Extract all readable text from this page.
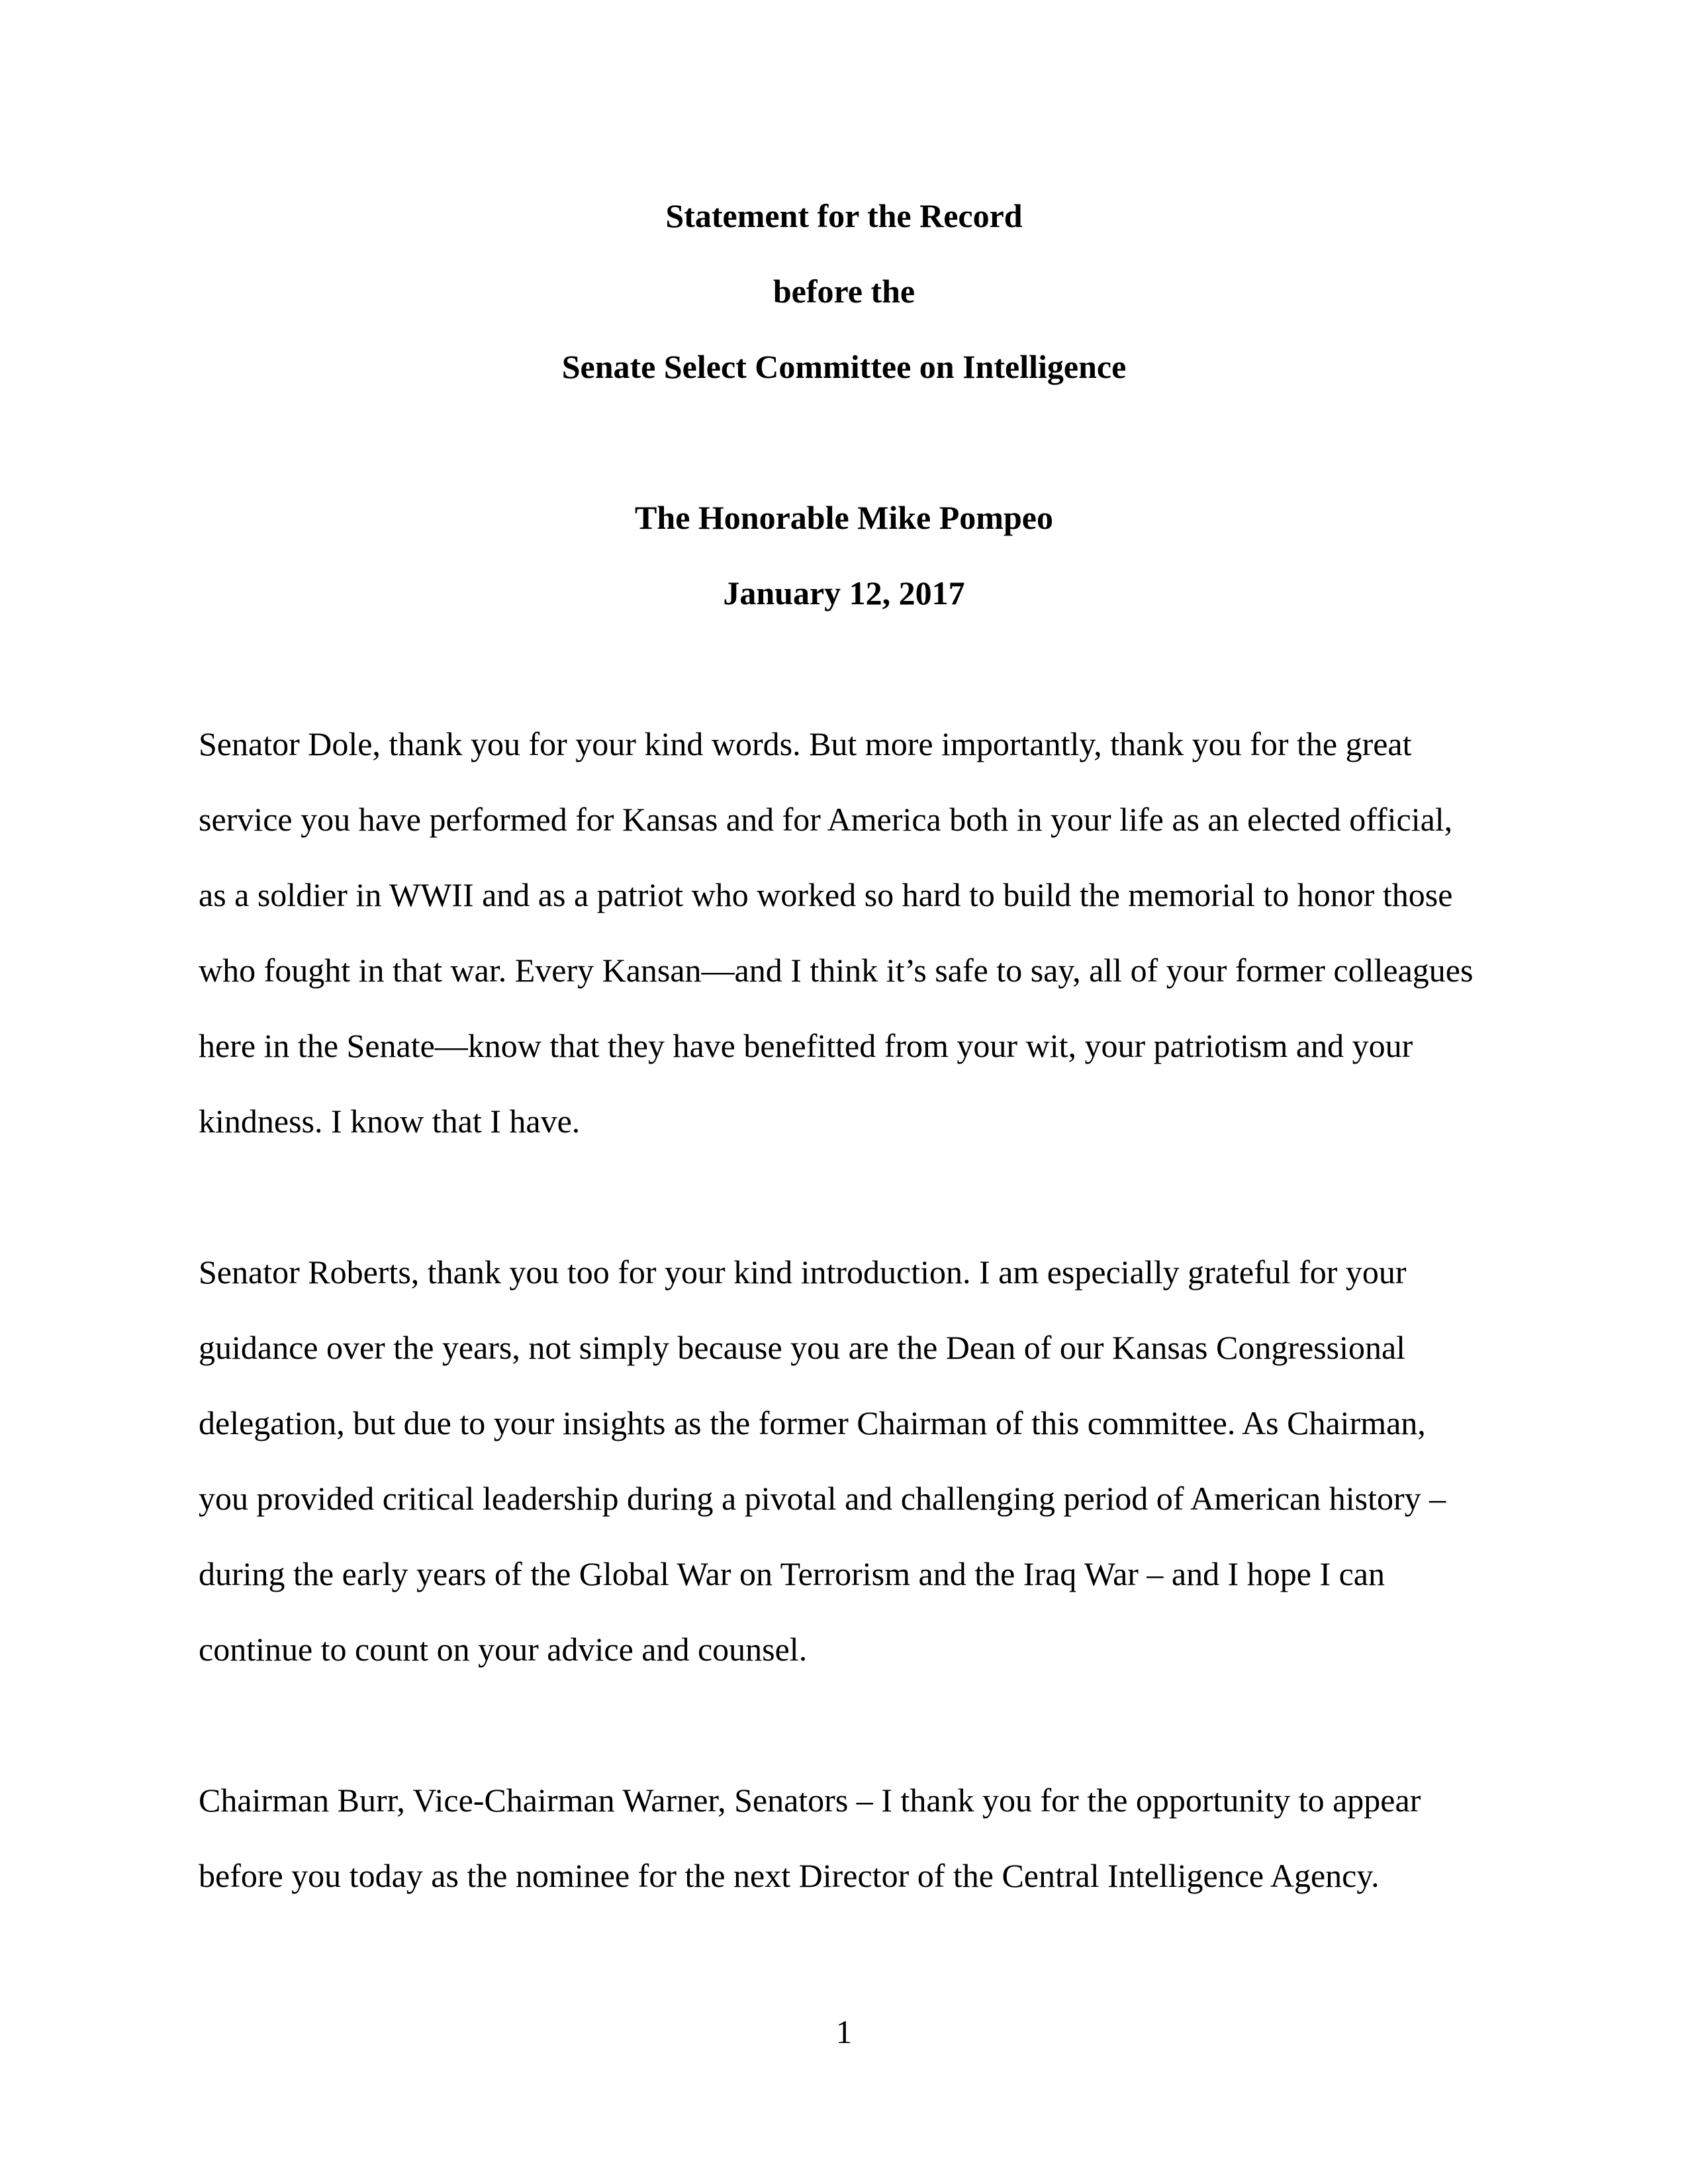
Statement for the Record
before the
Senate Select Committee on Intelligence
The Honorable Mike Pompeo
January 12, 2017
Senator Dole, thank you for your kind words. But more importantly, thank you for the great
service you have performed for Kansas and for America both in your life as an elected official,
as a soldier in WWII and as a patriot who worked so hard to build the memorial to honor those
who fought in that war. Every Kansan—and I think it’s safe to say, all of your former colleagues
here in the Senate—know that they have benefitted from your wit, your patriotism and your
kindness. I know that I have.
Senator Roberts, thank you too for your kind introduction. I am especially grateful for your
guidance over the years, not simply because you are the Dean of our Kansas Congressional
delegation, but due to your insights as the former Chairman of this committee. As Chairman,
you provided critical leadership during a pivotal and challenging period of American history –
during the early years of the Global War on Terrorism and the Iraq War – and I hope I can
continue to count on your advice and counsel.
Chairman Burr, Vice-Chairman Warner, Senators – I thank you for the opportunity to appear
before you today as the nominee for the next Director of the Central Intelligence Agency.
1
